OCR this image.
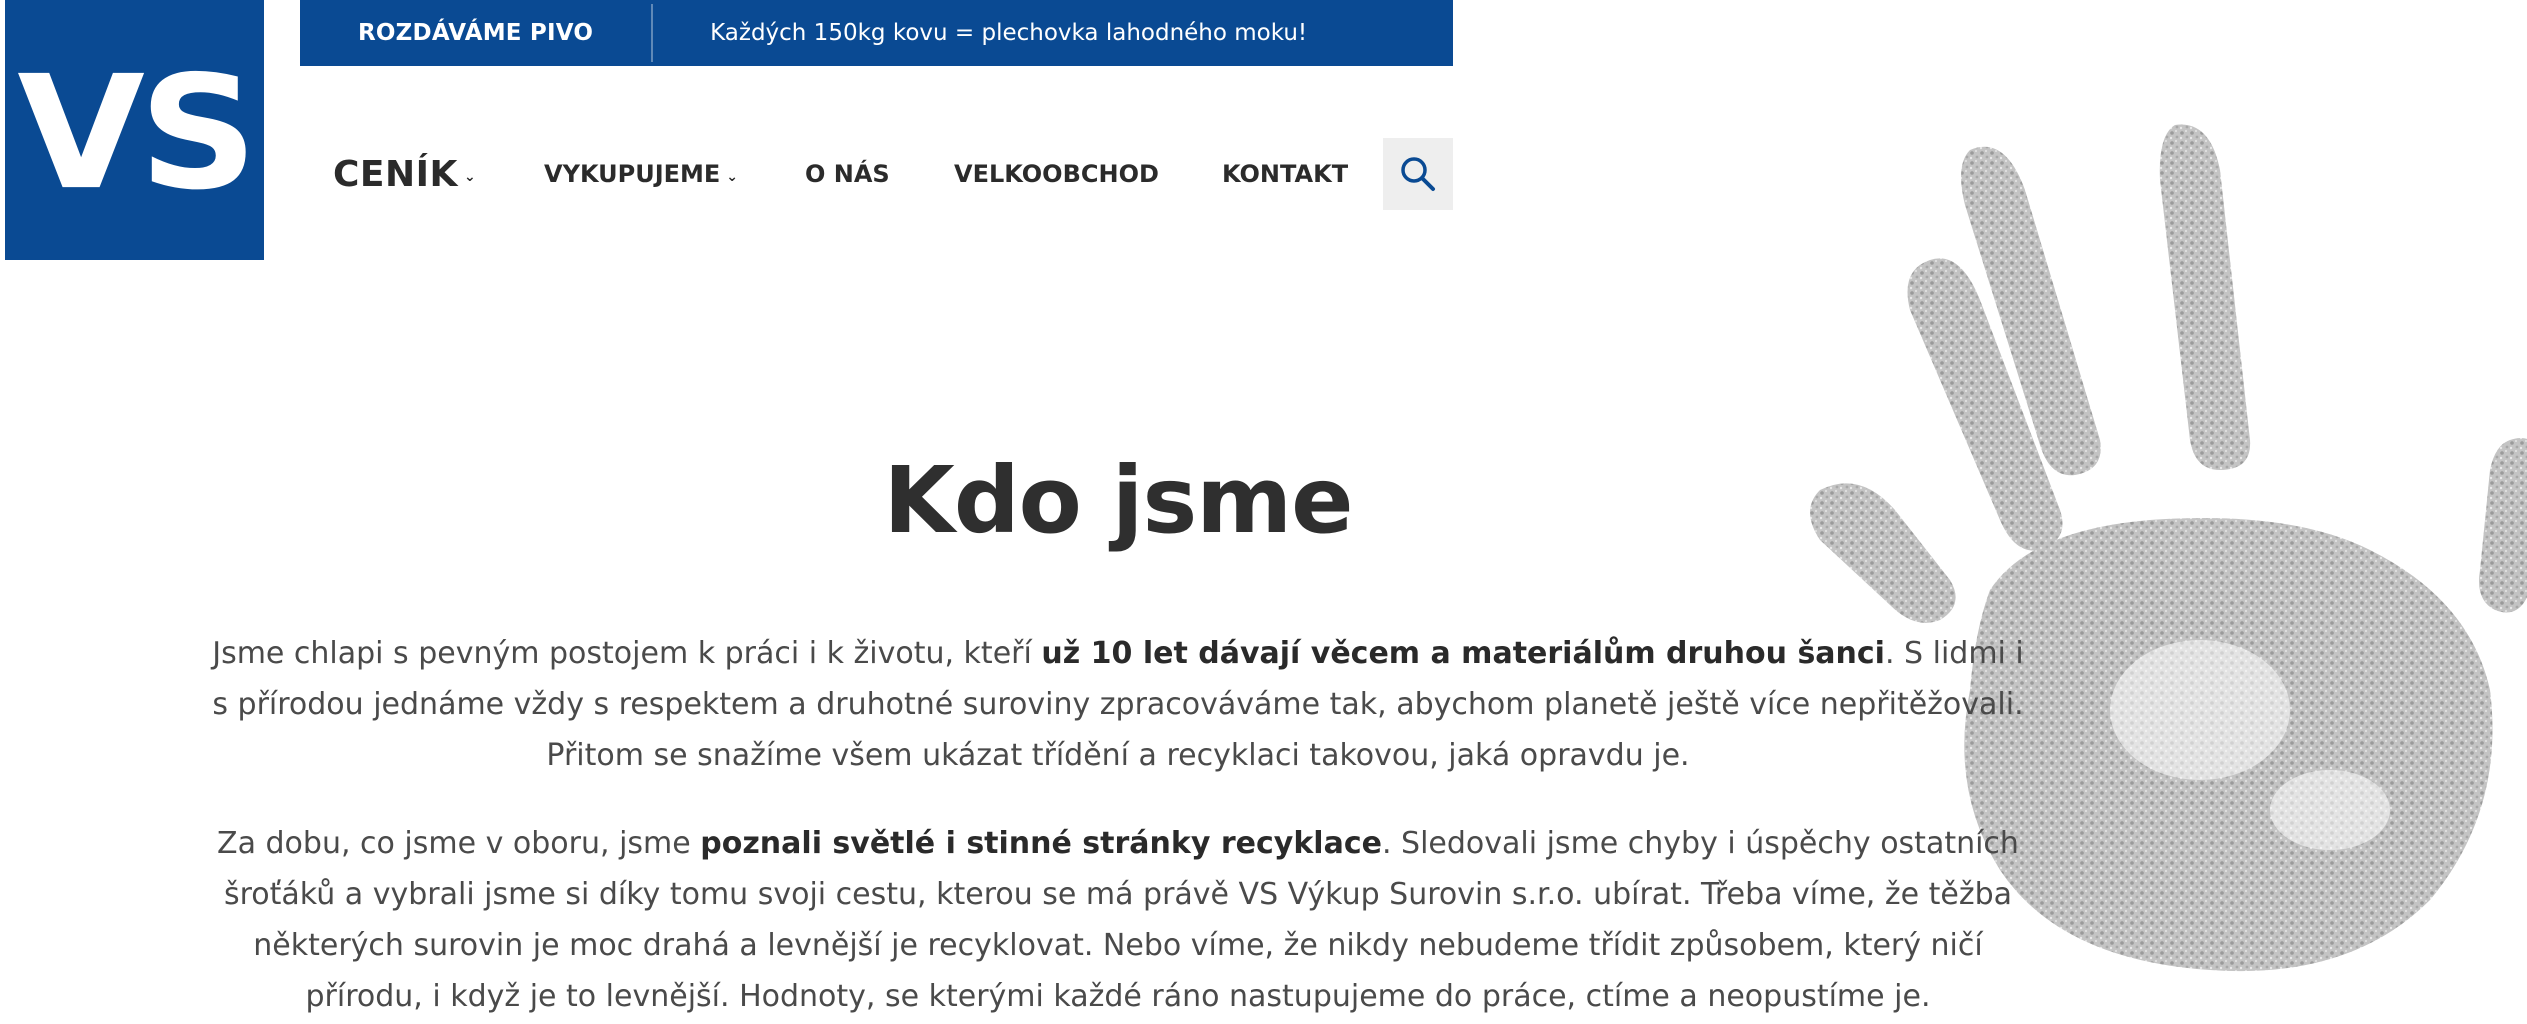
VS
ROZDÁVÁME PIVO	Každých 150kg kovu = plechovka lahodného moku!
CENÍK ⌄	VYKUPUJEME ⌄	O NÁS	VELKOOBCHOD	KONTAKT
Kdo jsme

Jsme chlapi s pevným postojem k práci i k životu, kteří už 10 let dávají věcem a materiálům druhou šanci. S lidmi i s přírodou jednáme vždy s respektem a druhotné suroviny zpracováváme tak, abychom planetě ještě více nepřitěžovali. Přitom se snažíme všem ukázat třídění a recyklaci takovou, jaká opravdu je.

Za dobu, co jsme v oboru, jsme poznali světlé i stinné stránky recyklace. Sledovali jsme chyby i úspěchy ostatních šroťáků a vybrali jsme si díky tomu svoji cestu, kterou se má právě VS Výkup Surovin s.r.o. ubírat. Třeba víme, že těžba některých surovin je moc drahá a levnější je recyklovat. Nebo víme, že nikdy nebudeme třídit způsobem, který ničí přírodu, i když je to levnější. Hodnoty, se kterými každé ráno nastupujeme do práce, ctíme a neopustíme je.
